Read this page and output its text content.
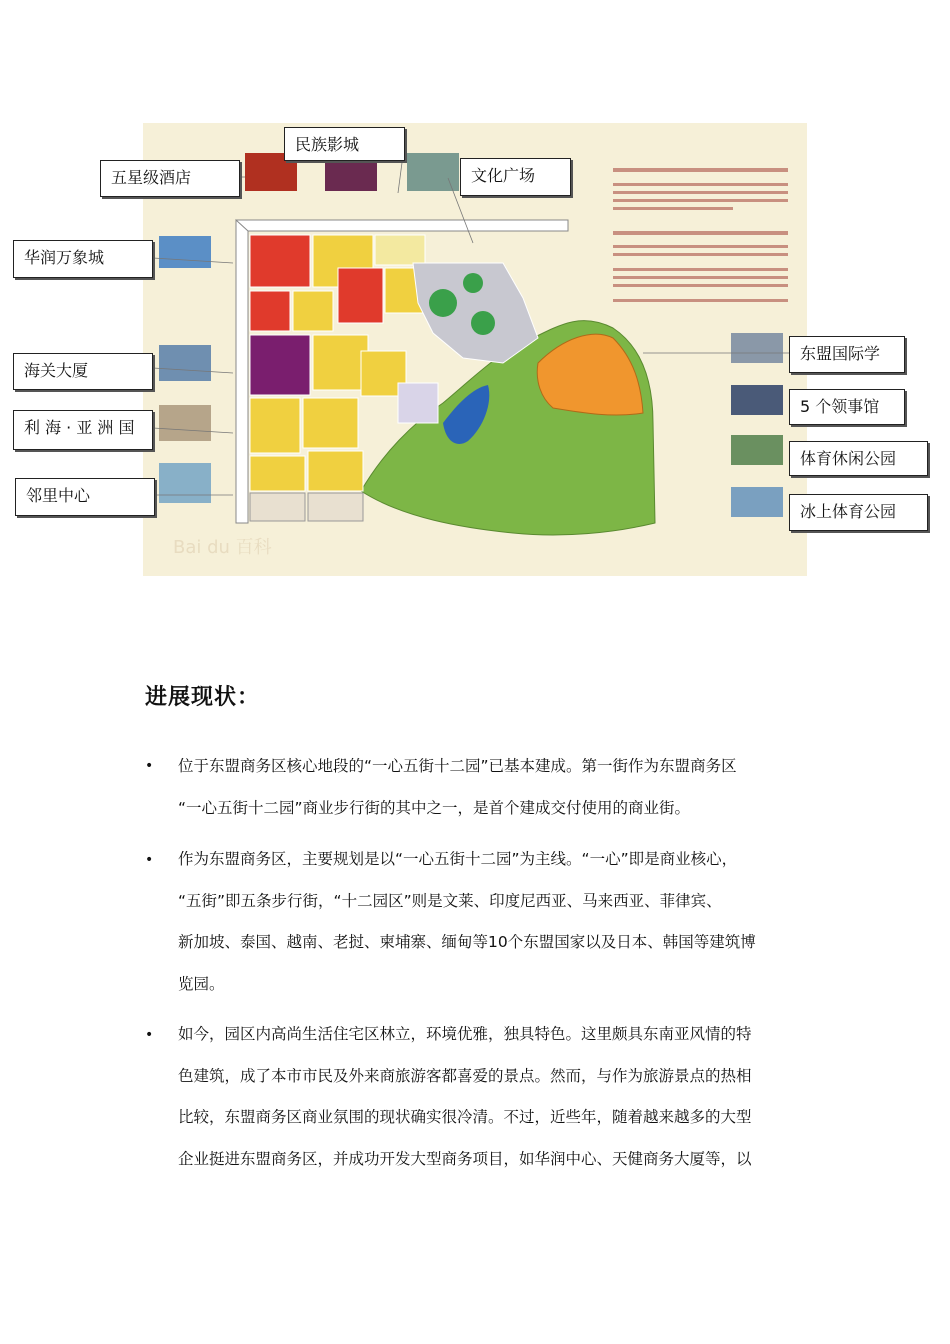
Bai du 百科
民族影城
五星级酒店	文化广场
华润万象城
海关大厦
利 海 · 亚 洲 国
邻里中心
东盟国际学
5 个领事馆
体育休闲公园
冰上体育公园
进展现状：
•	位于东盟商务区核心地段的“一心五街十二园”已基本建成。第一街作为东盟商务区
“一心五街十二园”商业步行街的其中之一，是首个建成交付使用的商业街。

•	作为东盟商务区，主要规划是以“一心五街十二园”为主线。“一心”即是商业核心，
“五街”即五条步行街，“十二园区”则是文莱、印度尼西亚、马来西亚、菲律宾、
新加坡、泰国、越南、老挝、柬埔寨、缅甸等10个东盟国家以及日本、韩国等建筑博
览园。

•	如今，园区内高尚生活住宅区林立，环境优雅，独具特色。这里颇具东南亚风情的特
色建筑，成了本市市民及外来商旅游客都喜爱的景点。然而，与作为旅游景点的热相
比较，东盟商务区商业氛围的现状确实很冷清。不过，近些年，随着越来越多的大型
企业挺进东盟商务区，并成功开发大型商务项目，如华润中心、天健商务大厦等，以
